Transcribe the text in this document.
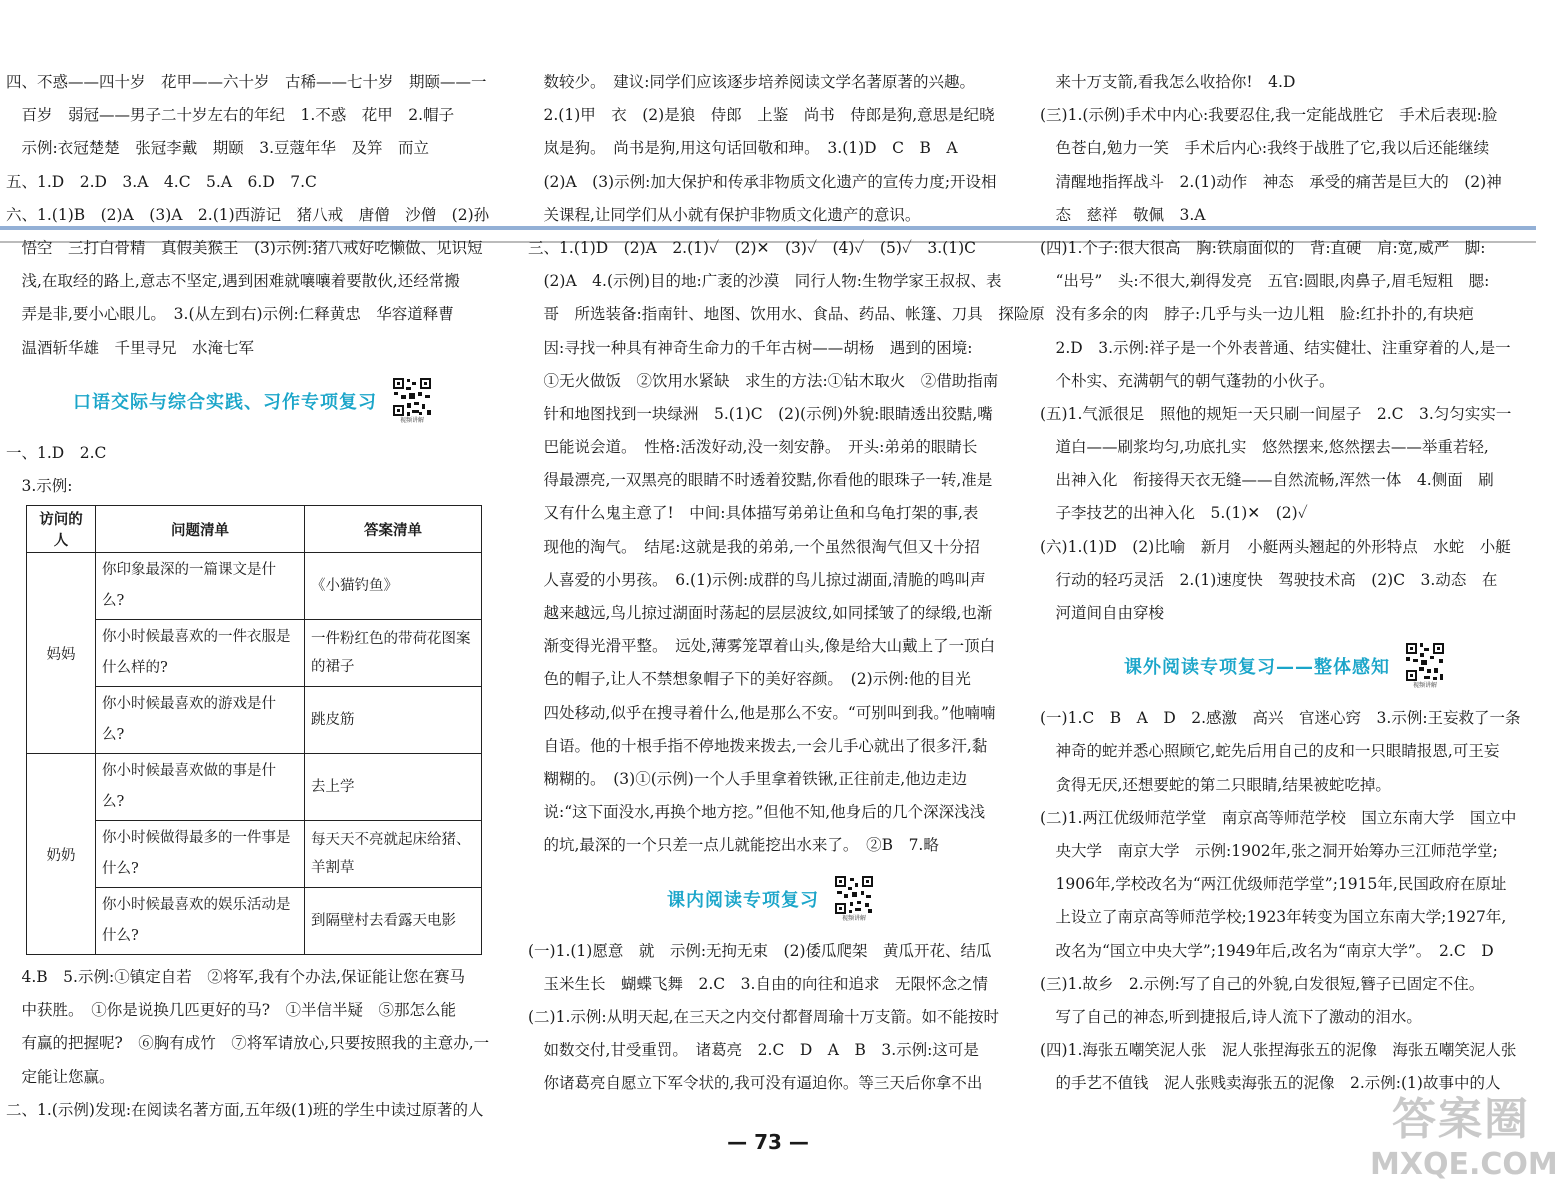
四、不惑——四十岁　花甲——六十岁　古稀——七十岁　期颐——一

　百岁　弱冠——男子二十岁左右的年纪　1.不惑　花甲　2.帽子

　示例:衣冠楚楚　张冠李戴　期颐　3.豆蔻年华　及笄　而立

五、1.D　2.D　3.A　4.C　5.A　6.D　7.C

六、1.(1)B　(2)A　(3)A　2.(1)西游记　猪八戒　唐僧　沙僧　(2)孙

　悟空　三打白骨精　真假美猴王　(3)示例:猪八戒好吃懒做、见识短

　浅,在取经的路上,意志不坚定,遇到困难就嚷嚷着要散伙,还经常搬

　弄是非,要小心眼儿。　3.(从左到右)示例:仁释黄忠　华容道释曹

　温酒斩华雄　千里寻兄　水淹七军

口语交际与综合实践、习作专项复习
视频讲解

一、1.D　2.C

　3.示例:

访问的人	问题清单	答案清单
妈妈	你印象最深的一篇课文是什么?	《小猫钓鱼》
	你小时候最喜欢的一件衣服是什么样的?	一件粉红色的带荷花图案的裙子
	你小时候最喜欢的游戏是什么?	跳皮筋
奶奶	你小时候最喜欢做的事是什么?	去上学
	你小时候做得最多的一件事是什么?	每天天不亮就起床给猪、羊割草
	你小时候最喜欢的娱乐活动是什么?	到隔壁村去看露天电影

　4.B　5.示例:①镇定自若　②将军,我有个办法,保证能让您在赛马

　中获胜。　①你是说换几匹更好的马?　①半信半疑　⑤那怎么能

　有赢的把握呢?　⑥胸有成竹　⑦将军请放心,只要按照我的主意办,一

　定能让您赢。

二、1.(示例)发现:在阅读名著方面,五年级(1)班的学生中读过原著的人

　数较少。　建议:同学们应该逐步培养阅读文学名著原著的兴趣。

　2.(1)甲　衣　(2)是狼　侍郎　上鉴　尚书　侍郎是狗,意思是纪晓

　岚是狗。　尚书是狗,用这句话回敬和珅。　3.(1)D　C　B　A

　(2)A　(3)示例:加大保护和传承非物质文化遗产的宣传力度;开设相

　关课程,让同学们从小就有保护非物质文化遗产的意识。

三、1.(1)D　(2)A　2.(1)✓　(2)✕　(3)✓　(4)✓　(5)✓　3.(1)C

　(2)A　4.(示例)目的地:广袤的沙漠　同行人物:生物学家王叔叔、表

　哥　所选装备:指南针、地图、饮用水、食品、药品、帐篷、刀具　探险原

　因:寻找一种具有神奇生命力的千年古树——胡杨　遇到的困境:

　①无火做饭　②饮用水紧缺　求生的方法:①钻木取火　②借助指南

　针和地图找到一块绿洲　5.(1)C　(2)(示例)外貌:眼睛透出狡黠,嘴

　巴能说会道。　性格:活泼好动,没一刻安静。　开头:弟弟的眼睛长

　得最漂亮,一双黑亮的眼睛不时透着狡黠,你看他的眼珠子一转,准是

　又有什么鬼主意了!　中间:具体描写弟弟让鱼和乌龟打架的事,表

　现他的淘气。　结尾:这就是我的弟弟,一个虽然很淘气但又十分招

　人喜爱的小男孩。　6.(1)示例:成群的鸟儿掠过湖面,清脆的鸣叫声

　越来越远,鸟儿掠过湖面时荡起的层层波纹,如同揉皱了的绿缎,也渐

　渐变得光滑平整。　远处,薄雾笼罩着山头,像是给大山戴上了一顶白

　色的帽子,让人不禁想象帽子下的美好容颜。　(2)示例:他的目光

　四处移动,似乎在搜寻着什么,他是那么不安。“可别叫到我。”他喃喃

　自语。他的十根手指不停地拨来拨去,一会儿手心就出了很多汗,黏

　糊糊的。　(3)①(示例)一个人手里拿着铁锹,正往前走,他边走边

　说:“这下面没水,再换个地方挖。”但他不知,他身后的几个深深浅浅

　的坑,最深的一个只差一点儿就能挖出水来了。　②B　7.略

课内阅读专项复习
视频讲解

(一)1.(1)愿意　就　示例:无拘无束　(2)倭瓜爬架　黄瓜开花、结瓜

　玉米生长　蝴蝶飞舞　2.C　3.自由的向往和追求　无限怀念之情

(二)1.示例:从明天起,在三天之内交付都督周瑜十万支箭。如不能按时

　如数交付,甘受重罚。　诸葛亮　2.C　D　A　B　3.示例:这可是

　你诸葛亮自愿立下军令状的,我可没有逼迫你。等三天后你拿不出

　来十万支箭,看我怎么收拾你!　4.D

(三)1.(示例)手术中内心:我要忍住,我一定能战胜它　手术后表现:脸

　色苍白,勉力一笑　手术后内心:我终于战胜了它,我以后还能继续

　清醒地指挥战斗　2.(1)动作　神态　承受的痛苦是巨大的　(2)神

　态　慈祥　敬佩　3.A

(四)1.个子:很大很高　胸:铁扇面似的　背:直硬　肩:宽,威严　脚:

　“出号”　头:不很大,剃得发亮　五官:圆眼,肉鼻子,眉毛短粗　腮:

　没有多余的肉　脖子:几乎与头一边儿粗　脸:红扑扑的,有块疤

　2.D　3.示例:祥子是一个外表普通、结实健壮、注重穿着的人,是一

　个朴实、充满朝气的朝气蓬勃的小伙子。

(五)1.气派很足　照他的规矩一天只刷一间屋子　2.C　3.匀匀实实一

　道白——刷浆均匀,功底扎实　悠然摆来,悠然摆去——举重若轻,

　出神入化　衔接得天衣无缝——自然流畅,浑然一体　4.侧面　刷

　子李技艺的出神入化　5.(1)✕　(2)✓

(六)1.(1)D　(2)比喻　新月　小艇两头翘起的外形特点　水蛇　小艇

　行动的轻巧灵活　2.(1)速度快　驾驶技术高　(2)C　3.动态　在

　河道间自由穿梭

课外阅读专项复习——整体感知
视频讲解

(一)1.C　B　A　D　2.感激　高兴　官迷心窍　3.示例:王妄救了一条

　神奇的蛇并悉心照顾它,蛇先后用自己的皮和一只眼睛报恩,可王妄

　贪得无厌,还想要蛇的第二只眼睛,结果被蛇吃掉。

(二)1.两江优级师范学堂　南京高等师范学校　国立东南大学　国立中

　央大学　南京大学　示例:1902年,张之洞开始筹办三江师范学堂;

　1906年,学校改名为“两江优级师范学堂”;1915年,民国政府在原址

　上设立了南京高等师范学校;1923年转变为国立东南大学;1927年,

　改名为“国立中央大学”;1949年后,改名为“南京大学”。　2.C　D

(三)1.故乡　2.示例:写了自己的外貌,白发很短,簪子已固定不住。

　写了自己的神态,听到捷报后,诗人流下了激动的泪水。

(四)1.海张五嘲笑泥人张　泥人张捏海张五的泥像　海张五嘲笑泥人张

　的手艺不值钱　泥人张贱卖海张五的泥像　2.示例:(1)故事中的人

— 73 —	答案圈
MXQE.COM
